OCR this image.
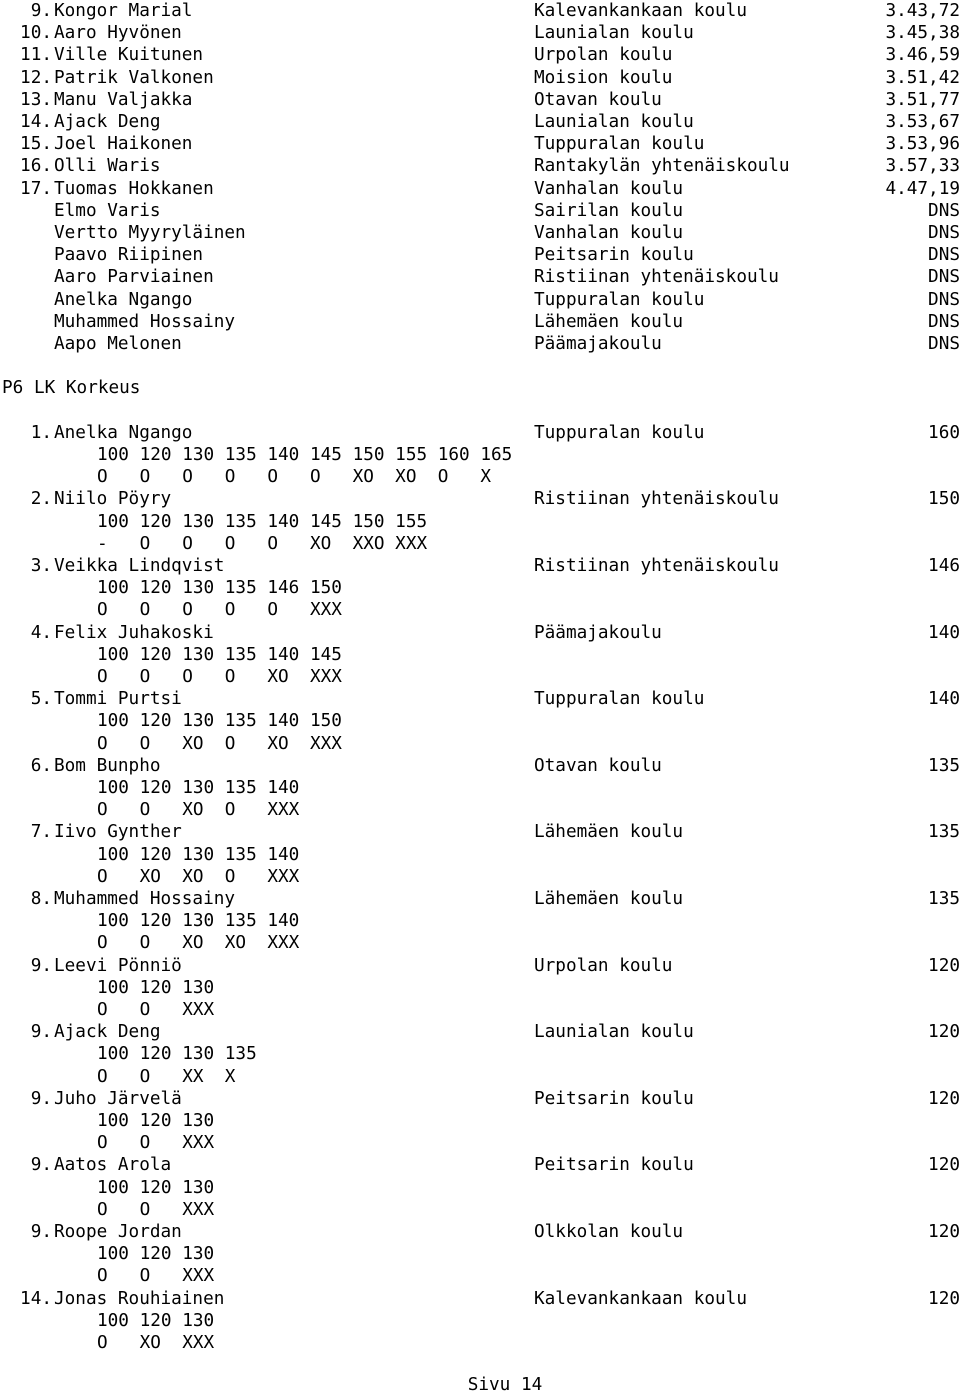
9. Kongor Marial	Kalevankankaan koulu	3.43,72
10. Aaro Hyvönen	Launialan koulu	3.45,38
11. Ville Kuitunen	Urpolan koulu	3.46,59
12. Patrik Valkonen	Moision koulu	3.51,42
13. Manu Valjakka	Otavan koulu	3.51,77
14. Ajack Deng	Launialan koulu	3.53,67
15. Joel Haikonen	Tuppuralan koulu	3.53,96
16. Olli Waris	Rantakylän yhtenäiskoulu	3.57,33
17. Tuomas Hokkanen	Vanhalan koulu	4.47,19
Elmo Varis	Sairilan koulu	DNS
Vertto Myyryläinen	Vanhalan koulu	DNS
Paavo Riipinen	Peitsarin koulu	DNS
Aaro Parviainen	Ristiinan yhtenäiskoulu	DNS
Anelka Ngango	Tuppuralan koulu	DNS
Muhammed Hossainy	Lähemäen koulu	DNS
Aapo Melonen	Päämajakoulu	DNS
P6 LK Korkeus
1. Anelka Ngango	Tuppuralan koulu	160
100 120 130 135 140 145 150 155 160 165
O   O   O   O   O   O   XO  XO  O   X
2. Niilo Pöyry	Ristiinan yhtenäiskoulu	150
100 120 130 135 140 145 150 155
-   O   O   O   O   XO  XXO XXX
3. Veikka Lindqvist	Ristiinan yhtenäiskoulu	146
100 120 130 135 146 150
O   O   O   O   O   XXX
4. Felix Juhakoski	Päämajakoulu	140
100 120 130 135 140 145
O   O   O   O   XO  XXX
5. Tommi Purtsi	Tuppuralan koulu	140
100 120 130 135 140 150
O   O   XO  O   XO  XXX
6. Bom Bunpho	Otavan koulu	135
100 120 130 135 140
O   O   XO  O   XXX
7. Iivo Gynther	Lähemäen koulu	135
100 120 130 135 140
O   XO  XO  O   XXX
8. Muhammed Hossainy	Lähemäen koulu	135
100 120 130 135 140
O   O   XO  XO  XXX
9. Leevi Pönniö	Urpolan koulu	120
100 120 130
O   O   XXX
9. Ajack Deng	Launialan koulu	120
100 120 130 135
O   O   XX  X
9. Juho Järvelä	Peitsarin koulu	120
100 120 130
O   O   XXX
9. Aatos Arola	Peitsarin koulu	120
100 120 130
O   O   XXX
9. Roope Jordan	Olkkolan koulu	120
100 120 130
O   O   XXX
14. Jonas Rouhiainen	Kalevankankaan koulu	120
100 120 130
O   XO  XXX
Sivu 14
